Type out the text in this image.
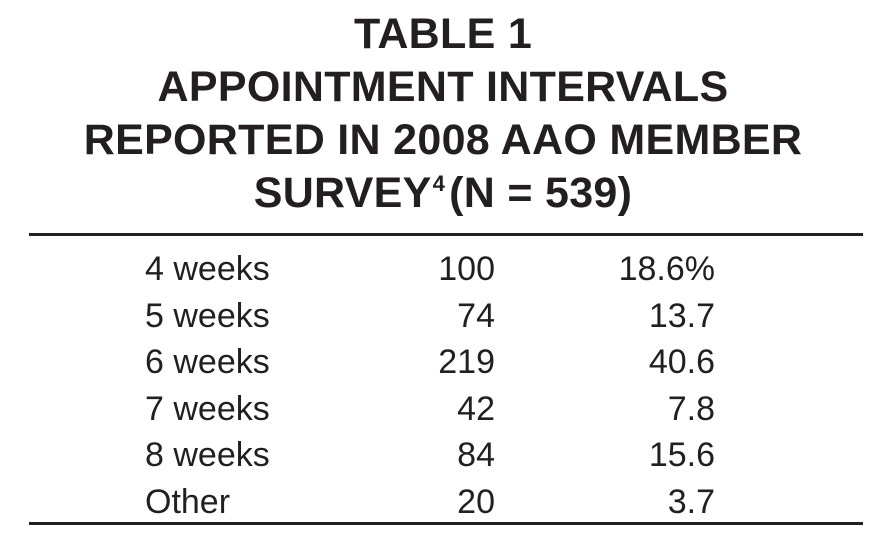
TABLE 1
APPOINTMENT INTERVALS
REPORTED IN 2008 AAO MEMBER
$SURVEY^4(N = 539)$
4 weeks	100	18.6%
5 weeks	74	13.7
6 weeks	219	40.6
7 weeks	42	7.8
8 weeks	84	15.6
Other	20	3.7
